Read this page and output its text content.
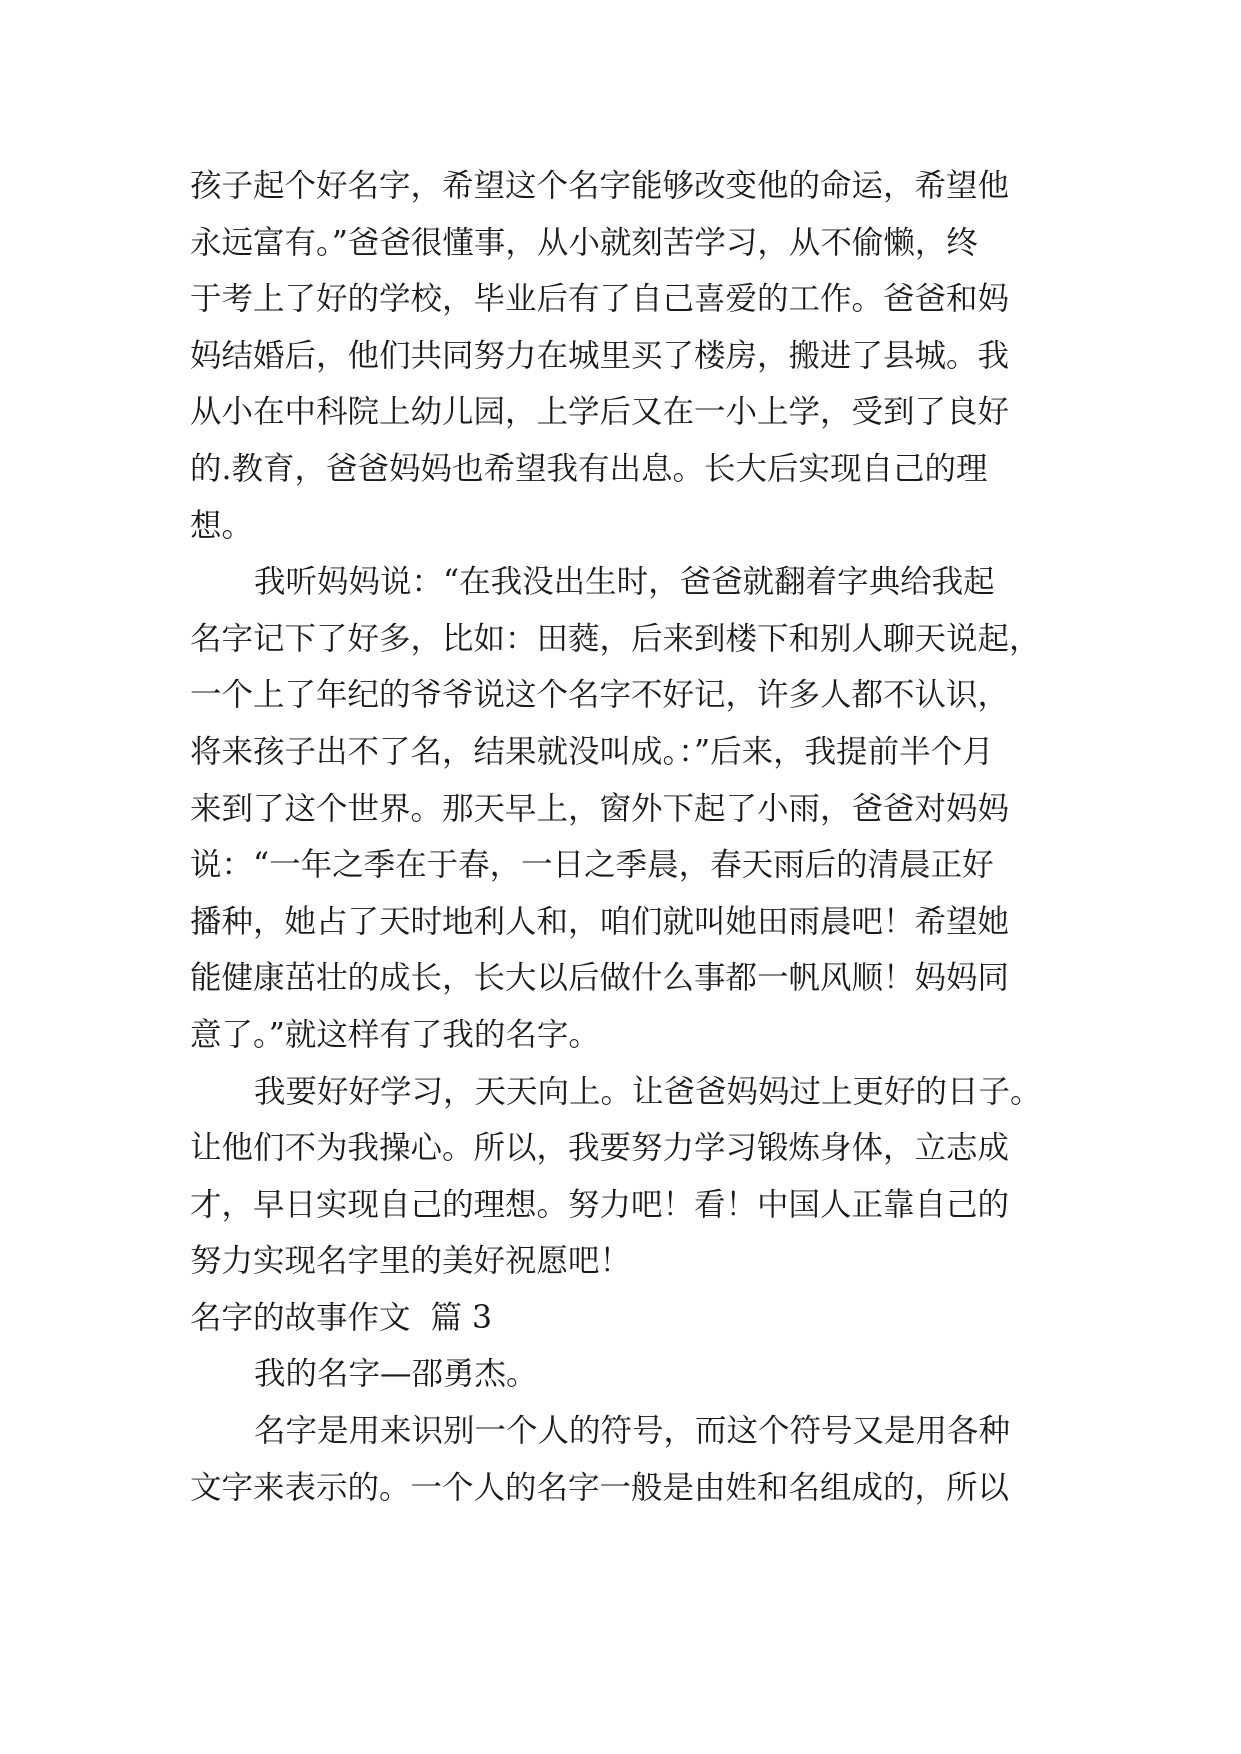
孩子起个好名字，希望这个名字能够改变他的命运，希望他
永远富有。”爸爸很懂事，从小就刻苦学习，从不偷懒，终
于考上了好的学校，毕业后有了自己喜爱的工作。爸爸和妈
妈结婚后，他们共同努力在城里买了楼房，搬进了县城。我
从小在中科院上幼儿园，上学后又在一小上学，受到了良好
的.教育，爸爸妈妈也希望我有出息。长大后实现自己的理
想。
我听妈妈说：“在我没出生时，爸爸就翻着字典给我起
名字记下了好多，比如：田蕤，后来到楼下和别人聊天说起，
一个上了年纪的爷爷说这个名字不好记，许多人都不认识，
将来孩子出不了名，结果就没叫成。：”后来，我提前半个月
来到了这个世界。那天早上，窗外下起了小雨，爸爸对妈妈
说：“一年之季在于春，一日之季晨，春天雨后的清晨正好
播种，她占了天时地利人和，咱们就叫她田雨晨吧！希望她
能健康茁壮的成长，长大以后做什么事都一帆风顺！妈妈同
意了。”就这样有了我的名字。
我要好好学习，天天向上。让爸爸妈妈过上更好的日子。
让他们不为我操心。所以，我要努力学习锻炼身体，立志成
才，早日实现自己的理想。努力吧！看！中国人正靠自己的
努力实现名字里的美好祝愿吧！
名字的故事作文  篇 3
我的名字—邵勇杰。
名字是用来识别一个人的符号，而这个符号又是用各种
文字来表示的。一个人的名字一般是由姓和名组成的，所以
